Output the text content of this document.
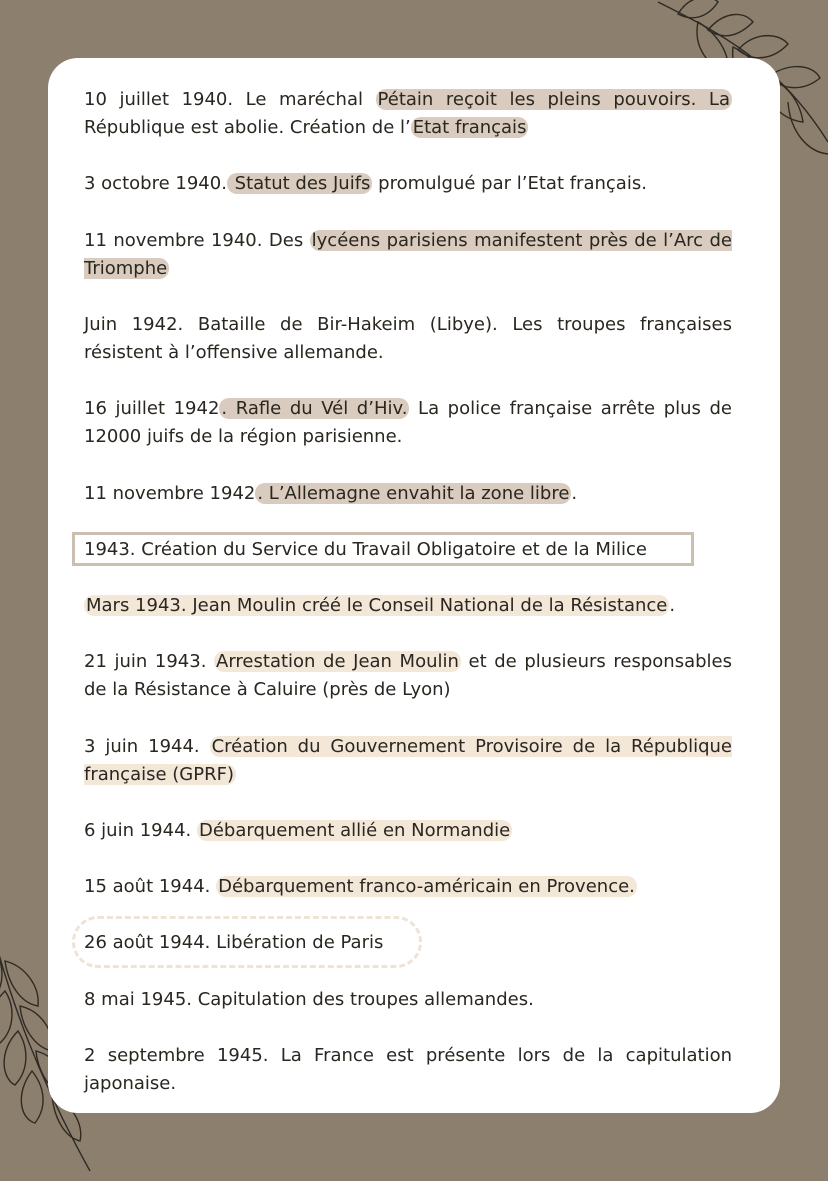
10 juillet 1940. Le maréchal Pétain reçoit les pleins pouvoirs. La République est abolie. Création de l’ Etat français
3 octobre 1940. Statut des Juifs promulgué par l’Etat français.
11 novembre 1940. Des lycéens parisiens manifestent près de l’Arc de Triomphe
Juin 1942. Bataille de Bir-Hakeim (Libye). Les troupes françaises résistent à l’offensive allemande.
16 juillet 1942 . Rafle du Vél d’Hiv. La police française arrête plus de 12000 juifs de la région parisienne.
11 novembre 1942 . L’Allemagne envahit la zone libre .
1943. Création du Service du Travail Obligatoire et de la Milice
Mars 1943. Jean Moulin créé le Conseil National de la Résistance .
21 juin 1943. Arrestation de Jean Moulin et de plusieurs responsables de la Résistance à Caluire (près de Lyon)
3 juin 1944. Création du Gouvernement Provisoire de la République française (GPRF)
6 juin 1944. Débarquement allié en Normandie
15 août 1944. Débarquement franco-américain en Provence.
26 août 1944. Libération de Paris
8 mai 1945. Capitulation des troupes allemandes.
2 septembre 1945. La France est présente lors de la capitulation japonaise.
